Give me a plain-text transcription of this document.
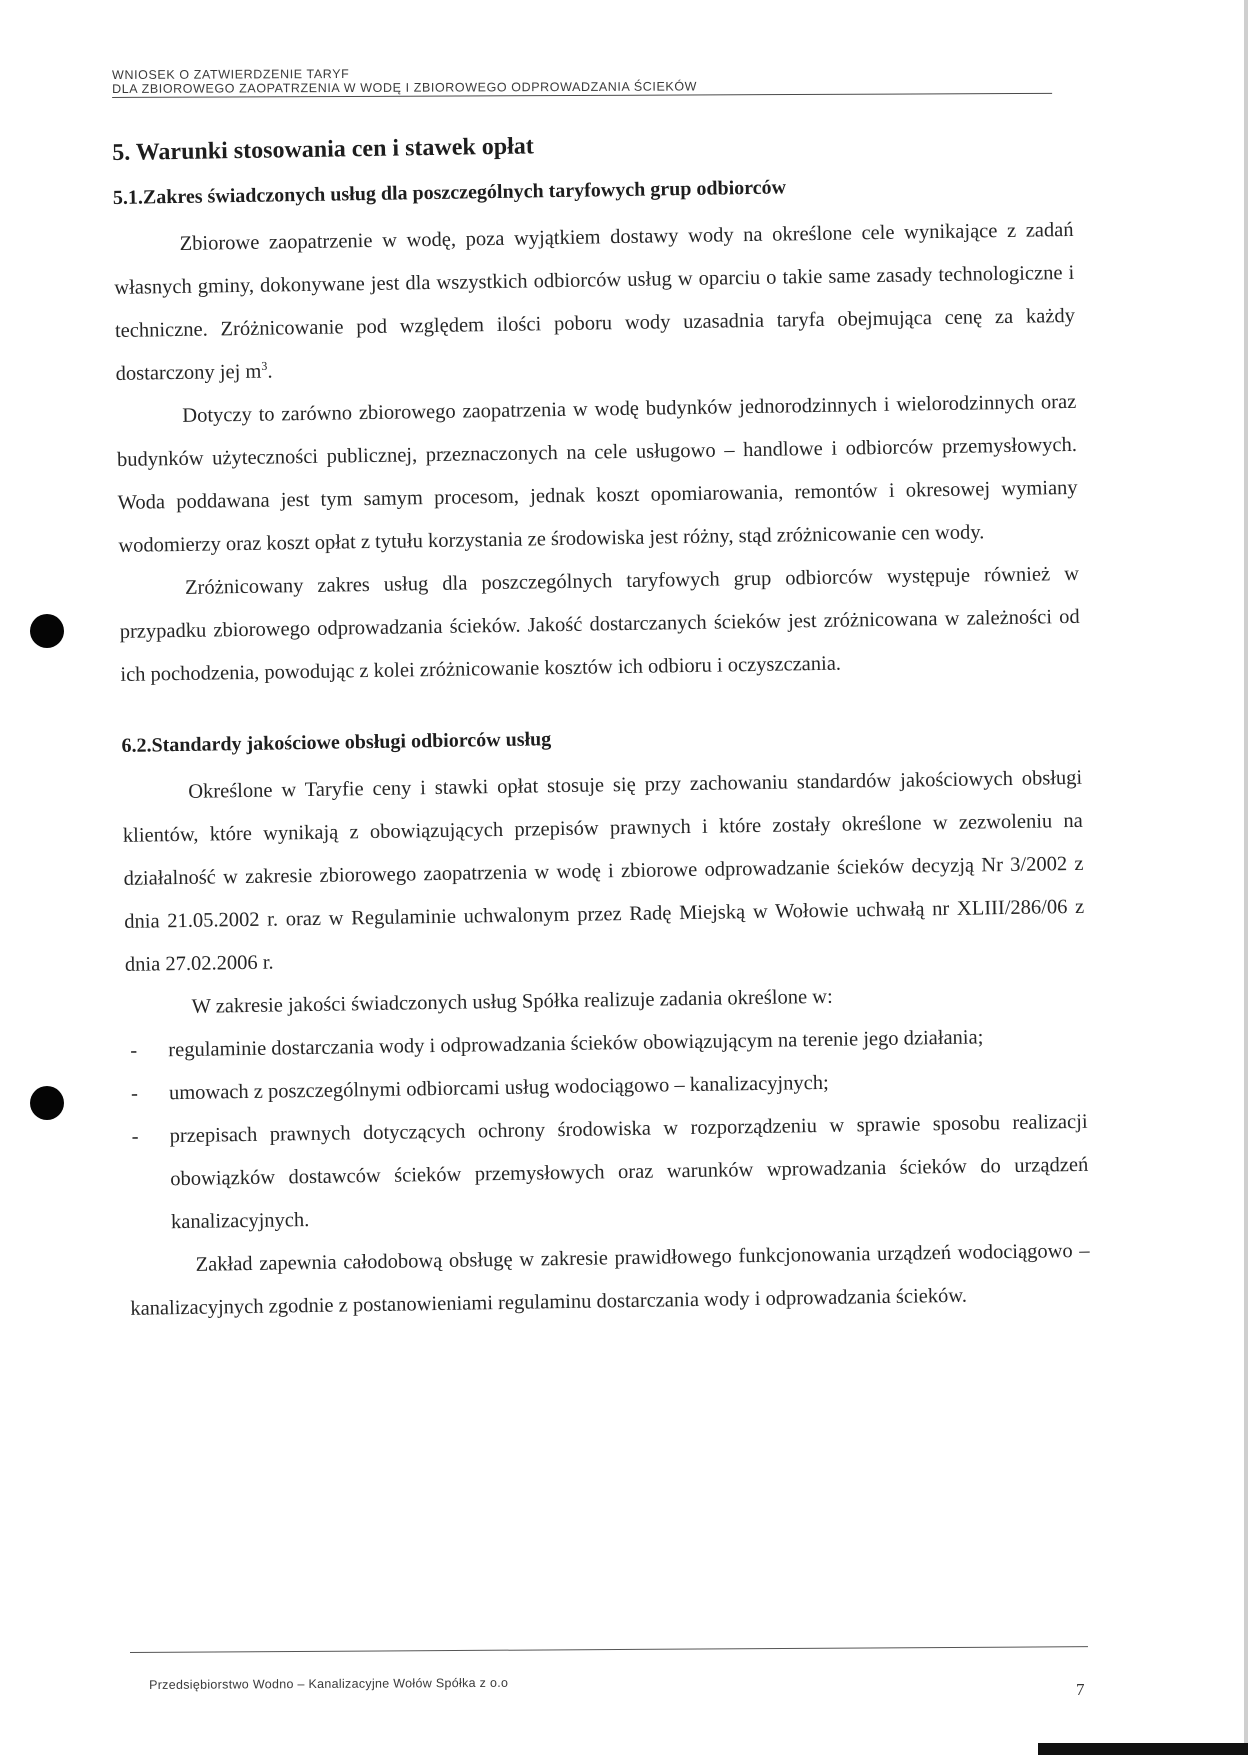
WNIOSEK O ZATWIERDZENIE TARYF
DLA ZBIOROWEGO ZAOPATRZENIA W WODĘ I ZBIOROWEGO ODPROWADZANIA ŚCIEKÓW
5. Warunki stosowania cen i stawek opłat
5.1.Zakres świadczonych usług dla poszczególnych taryfowych grup odbiorców

Zbiorowe zaopatrzenie w wodę, poza wyjątkiem dostawy wody na określone cele wynikające z zadań własnych gminy, dokonywane jest dla wszystkich odbiorców usług w oparciu o takie same zasady technologiczne i techniczne. Zróżnicowanie pod względem ilości poboru wody uzasadnia taryfa obejmująca cenę za każdy dostarczony jej $m^3$.

Dotyczy to zarówno zbiorowego zaopatrzenia w wodę budynków jednorodzinnych i wielorodzinnych oraz budynków użyteczności publicznej, przeznaczonych na cele usługowo – handlowe i odbiorców przemysłowych. Woda poddawana jest tym samym procesom, jednak koszt opomiarowania, remontów i okresowej wymiany wodomierzy oraz koszt opłat z tytułu korzystania ze środowiska jest różny, stąd zróżnicowanie cen wody.

Zróżnicowany zakres usług dla poszczególnych taryfowych grup odbiorców występuje również w przypadku zbiorowego odprowadzania ścieków. Jakość dostarczanych ścieków jest zróżnicowana w zależności od ich pochodzenia, powodując z kolei zróżnicowanie kosztów ich odbioru i oczyszczania.

6.2.Standardy jakościowe obsługi odbiorców usług

Określone w Taryfie ceny i stawki opłat stosuje się przy zachowaniu standardów jakościowych obsługi klientów, które wynikają z obowiązujących przepisów prawnych i które zostały określone w zezwoleniu na działalność w zakresie zbiorowego zaopatrzenia w wodę i zbiorowe odprowadzanie ścieków decyzją Nr 3/2002 z dnia 21.05.2002 r. oraz w Regulaminie uchwalonym przez Radę Miejską w Wołowie uchwałą nr XLIII/286/06 z dnia 27.02.2006 r.

W zakresie jakości świadczonych usług Spółka realizuje zadania określone w:

- regulaminie dostarczania wody i odprowadzania ścieków obowiązującym na terenie jego działania;
- umowach z poszczególnymi odbiorcami usług wodociągowo – kanalizacyjnych;
- przepisach prawnych dotyczących ochrony środowiska w rozporządzeniu w sprawie sposobu realizacji obowiązków dostawców ścieków przemysłowych oraz warunków wprowadzania ścieków do urządzeń kanalizacyjnych.

Zakład zapewnia całodobową obsługę w zakresie prawidłowego funkcjonowania urządzeń wodociągowo – kanalizacyjnych zgodnie z postanowieniami regulaminu dostarczania wody i odprowadzania ścieków.

7
Przedsiębiorstwo Wodno – Kanalizacyjne Wołów Spółka z o.o
